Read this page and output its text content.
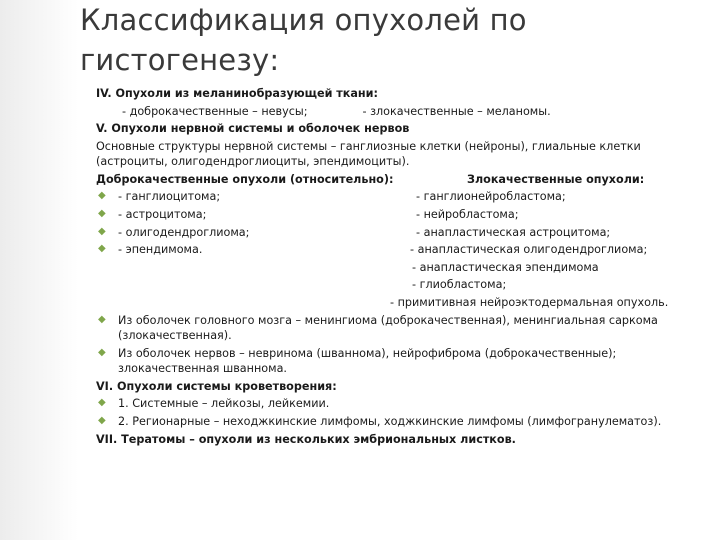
Классификация опухолей по
гистогенезу:
IV. Опухоли из меланинобразующей ткани:
- доброкачественные – невусы;	- злокачественные – меланомы.
V. Опухоли нервной системы и оболочек нервов
Основные структуры нервной системы – ганглиозные клетки (нейроны), глиальные клетки (астроциты, олигодендроглиоциты, эпендимоциты).
Доброкачественные опухоли (относительно):	Злокачественные опухоли:
◆ - ганглиоцитома;	- ганглионейробластома;
◆ - астроцитома;	- нейробластома;
◆ - олигодендроглиома;	- анапластическая астроцитома;
◆ - эпендимома.	- анапластическая олигодендроглиома;
- анапластическая эпендимома
- глиобластома;
- примитивная нейроэктодермальная опухоль.
◆ Из оболочек головного мозга – менингиома (доброкачественная), менингиальная саркома (злокачественная).
◆ Из оболочек нервов – невринома (шваннома), нейрофиброма (доброкачественные); злокачественная шваннома.
VI. Опухоли системы кроветворения:
◆ 1. Системные – лейкозы, лейкемии.
◆ 2. Регионарные – неходжкинские лимфомы, ходжкинские лимфомы (лимфогранулематоз).
VII. Тератомы – опухоли из нескольких эмбриональных листков.
